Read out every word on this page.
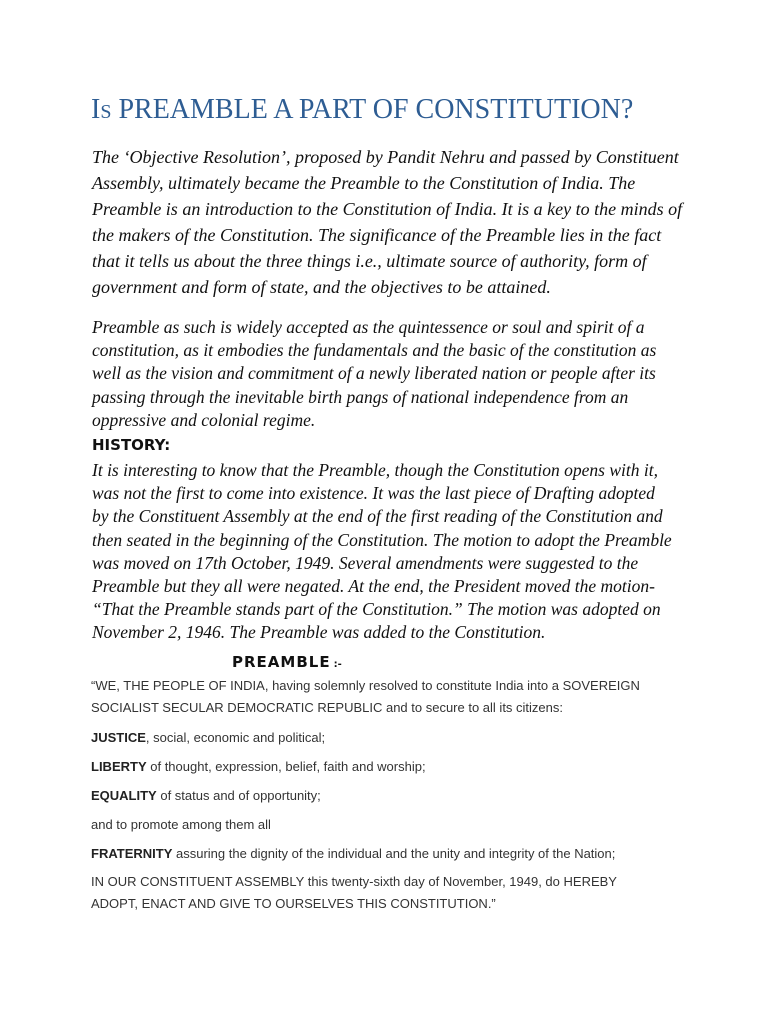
Is PREAMBLE A PART OF CONSTITUTION?

The ‘Objective Resolution’, proposed by Pandit Nehru and passed by Constituent
Assembly, ultimately became the Preamble to the Constitution of India. The
Preamble is an introduction to the Constitution of India. It is a key to the minds of
the makers of the Constitution. The significance of the Preamble lies in the fact
that it tells us about the three things i.e., ultimate source of authority, form of
government and form of state, and the objectives to be attained.

Preamble as such is widely accepted as the quintessence or soul and spirit of a
constitution, as it embodies the fundamentals and the basic of the constitution as
well as the vision and commitment of a newly liberated nation or people after its
passing through the inevitable birth pangs of national independence from an
oppressive and colonial regime.

HISTORY:

It is interesting to know that the Preamble, though the Constitution opens with it,
was not the first to come into existence. It was the last piece of Drafting adopted
by the Constituent Assembly at the end of the first reading of the Constitution and
then seated in the beginning of the Constitution. The motion to adopt the Preamble
was moved on 17th October, 1949. Several amendments were suggested to the
Preamble but they all were negated. At the end, the President moved the motion-
“That the Preamble stands part of the Constitution.” The motion was adopted on
November 2, 1946. The Preamble was added to the Constitution.

PREAMBLE :-

“WE, THE PEOPLE OF INDIA, having solemnly resolved to constitute India into a SOVEREIGN
SOCIALIST SECULAR DEMOCRATIC REPUBLIC and to secure to all its citizens:

JUSTICE, social, economic and political;

LIBERTY of thought, expression, belief, faith and worship;

EQUALITY of status and of opportunity;

and to promote among them all

FRATERNITY assuring the dignity of the individual and the unity and integrity of the Nation;

IN OUR CONSTITUENT ASSEMBLY this twenty-sixth day of November, 1949, do HEREBY
ADOPT, ENACT AND GIVE TO OURSELVES THIS CONSTITUTION.”
